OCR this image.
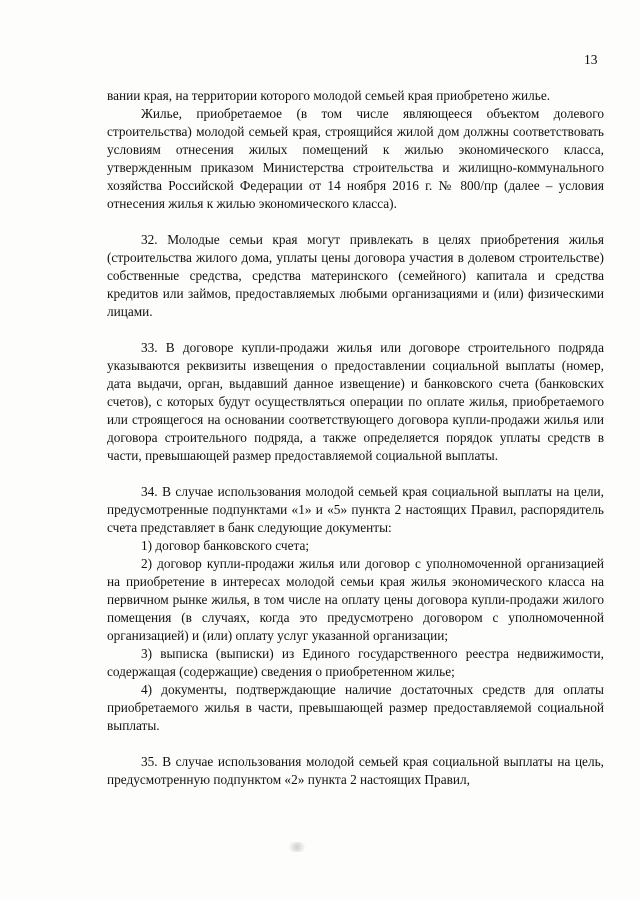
13

вании края, на территории которого молодой семьей края приобретено жилье.

Жилье, приобретаемое (в том числе являющееся объектом долевого строительства) молодой семьей края, строящийся жилой дом должны соответствовать условиям отнесения жилых помещений к жилью экономического класса, утвержденным приказом Министерства строительства и жилищно-коммунального хозяйства Российской Федерации от 14 ноября 2016 г. № 800/пр (далее – условия отнесения жилья к жилью экономического класса).

32. Молодые семьи края могут привлекать в целях приобретения жилья (строительства жилого дома, уплаты цены договора участия в долевом строительстве) собственные средства, средства материнского (семейного) капитала и средства кредитов или займов, предоставляемых любыми организациями и (или) физическими лицами.

33. В договоре купли-продажи жилья или договоре строительного подряда указываются реквизиты извещения о предоставлении социальной выплаты (номер, дата выдачи, орган, выдавший данное извещение) и банковского счета (банковских счетов), с которых будут осуществляться операции по оплате жилья, приобретаемого или строящегося на основании соответствующего договора купли-продажи жилья или договора строительного подряда, а также определяется порядок уплаты средств в части, превышающей размер предоставляемой социальной выплаты.

34. В случае использования молодой семьей края социальной выплаты на цели, предусмотренные подпунктами «1» и «5» пункта 2 настоящих Правил, распорядитель счета представляет в банк следующие документы:

1) договор банковского счета;

2) договор купли-продажи жилья или договор с уполномоченной организацией на приобретение в интересах молодой семьи края жилья экономического класса на первичном рынке жилья, в том числе на оплату цены договора купли-продажи жилого помещения (в случаях, когда это предусмотрено договором с уполномоченной организацией) и (или) оплату услуг указанной организации;

3) выписка (выписки) из Единого государственного реестра недвижимости, содержащая (содержащие) сведения о приобретенном жилье;

4) документы, подтверждающие наличие достаточных средств для оплаты приобретаемого жилья в части, превышающей размер предоставляемой социальной выплаты.

35. В случае использования молодой семьей края социальной выплаты на цель, предусмотренную подпунктом «2» пункта 2 настоящих Правил,
